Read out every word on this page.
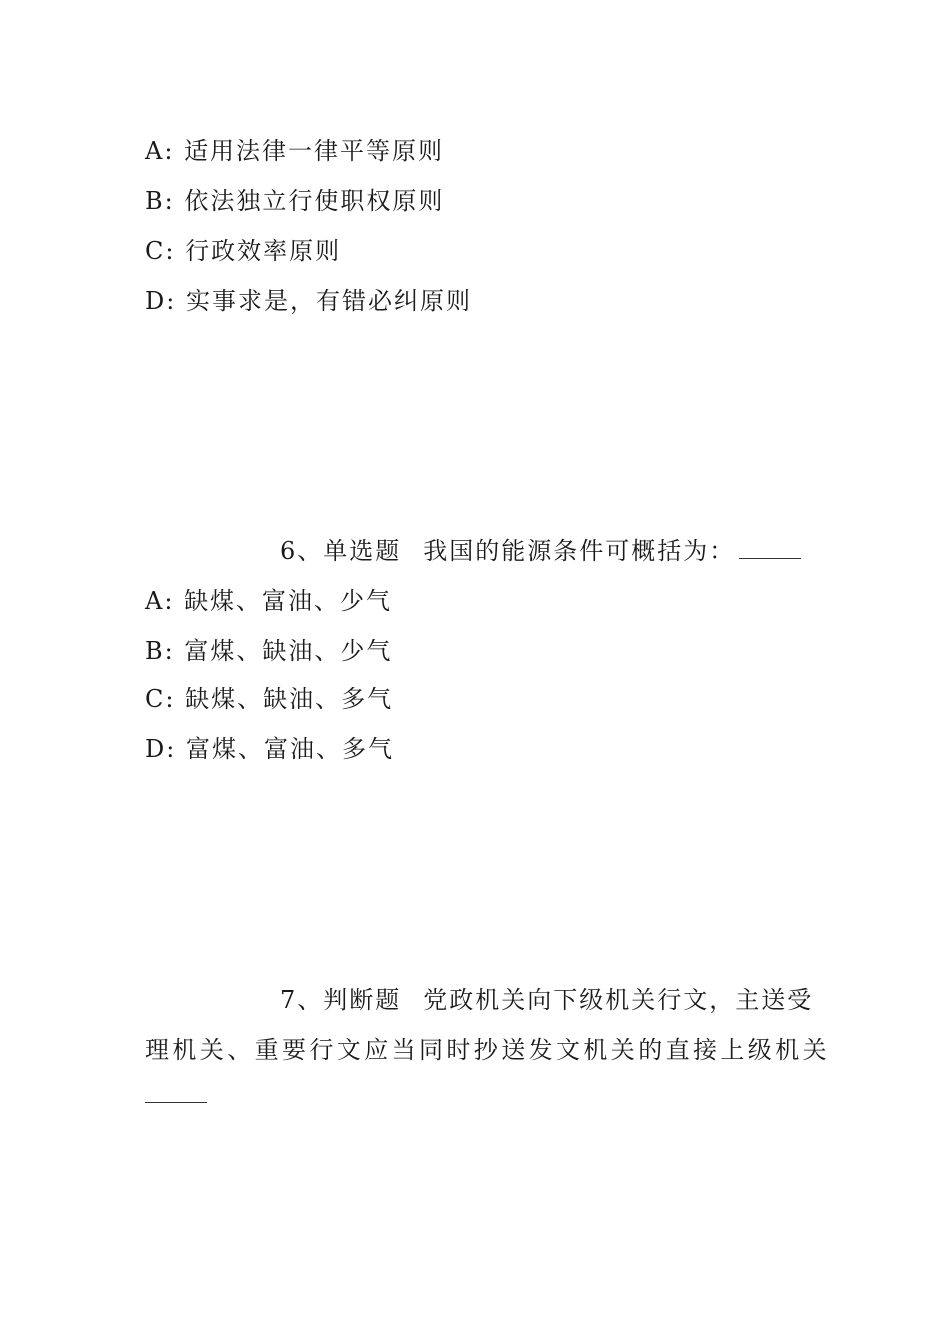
A: 适用法律一律平等原则
B: 依法独立行使职权原则
C: 行政效率原则
D: 实事求是，有错必纠原则
6、单选题 我国的能源条件可概括为：
A: 缺煤、富油、少气
B: 富煤、缺油、少气
C: 缺煤、缺油、多气
D: 富煤、富油、多气
7、判断题 党政机关向下级机关行文，主送受
理机关、重要行文应当同时抄送发文机关的直接上级机关
